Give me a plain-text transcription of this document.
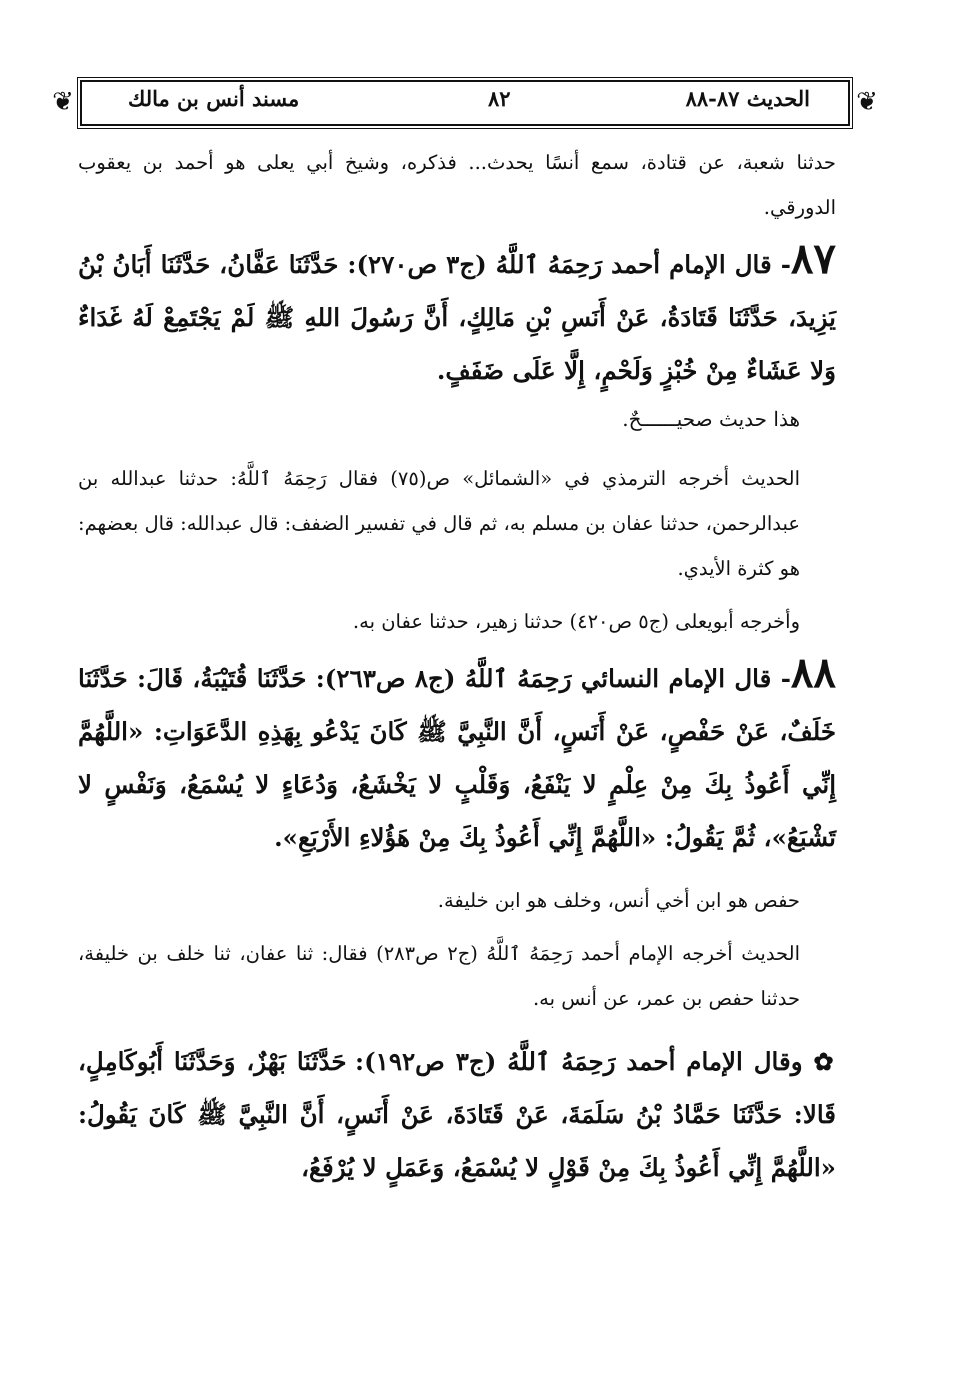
❦	❦
الحديث ٨٧-٨٨
٨٢
مسند أنس بن مالك

حدثنا شعبة، عن قتادة، سمع أنسًا يحدث... فذكره، وشيخ أبي يعلى هو أحمد بن يعقوب الدورقي.

٨٧- قال الإمام أحمد رَحِمَهُ ٱللَّهُ (ج٣ ص٢٧٠): حَدَّثَنَا عَفَّانُ، حَدَّثَنَا أَبَانُ بْنُ يَزِيدَ، حَدَّثَنَا قَتَادَةُ، عَنْ أَنَسِ بْنِ مَالِكٍ، أَنَّ رَسُولَ اللهِ ﷺ لَمْ يَجْتَمِعْ لَهُ غَدَاءٌ وَلا عَشَاءٌ مِنْ خُبْزٍ وَلَحْمٍ، إِلَّا عَلَى ضَفَفٍ.

هذا حديث صحيــــــحٌ.

الحديث أخرجه الترمذي في «الشمائل» ص(٧٥) فقال رَحِمَهُ ٱللَّهُ: حدثنا عبدالله بن عبدالرحمن، حدثنا عفان بن مسلم به، ثم قال في تفسير الضفف: قال عبدالله: قال بعضهم: هو كثرة الأيدي.

وأخرجه أبويعلى (ج٥ ص٤٢٠) حدثنا زهير، حدثنا عفان به.

٨٨- قال الإمام النسائي رَحِمَهُ ٱللَّهُ (ج٨ ص٢٦٣): حَدَّثَنَا قُتَيْبَةُ، قَالَ: حَدَّثَنَا خَلَفٌ، عَنْ حَفْصٍ، عَنْ أَنَسٍ، أَنَّ النَّبِيَّ ﷺ كَانَ يَدْعُو بِهَذِهِ الدَّعَوَاتِ: «اللَّهُمَّ إِنِّي أَعُوذُ بِكَ مِنْ عِلْمٍ لا يَنْفَعُ، وَقَلْبٍ لا يَخْشَعُ، وَدُعَاءٍ لا يُسْمَعُ، وَنَفْسٍ لا تَشْبَعُ»، ثُمَّ يَقُولُ: «اللَّهُمَّ إِنِّي أَعُوذُ بِكَ مِنْ هَؤُلاءِ الأَرْبَعِ».

حفص هو ابن أخي أنس، وخلف هو ابن خليفة.

الحديث أخرجه الإمام أحمد رَحِمَهُ ٱللَّهُ (ج٢ ص٢٨٣) فقال: ثنا عفان، ثنا خلف بن خليفة، حدثنا حفص بن عمر، عن أنس به.

✿ وقال الإمام أحمد رَحِمَهُ ٱللَّهُ (ج٣ ص١٩٢): حَدَّثَنَا بَهْزٌ، وَحَدَّثَنَا أَبُوكَامِلٍ، قَالا: حَدَّثَنَا حَمَّادُ بْنُ سَلَمَةَ، عَنْ قَتَادَةَ، عَنْ أَنَسٍ، أَنَّ النَّبِيَّ ﷺ كَانَ يَقُولُ: «اللَّهُمَّ إِنِّي أَعُوذُ بِكَ مِنْ قَوْلٍ لا يُسْمَعُ، وَعَمَلٍ لا يُرْفَعُ،
